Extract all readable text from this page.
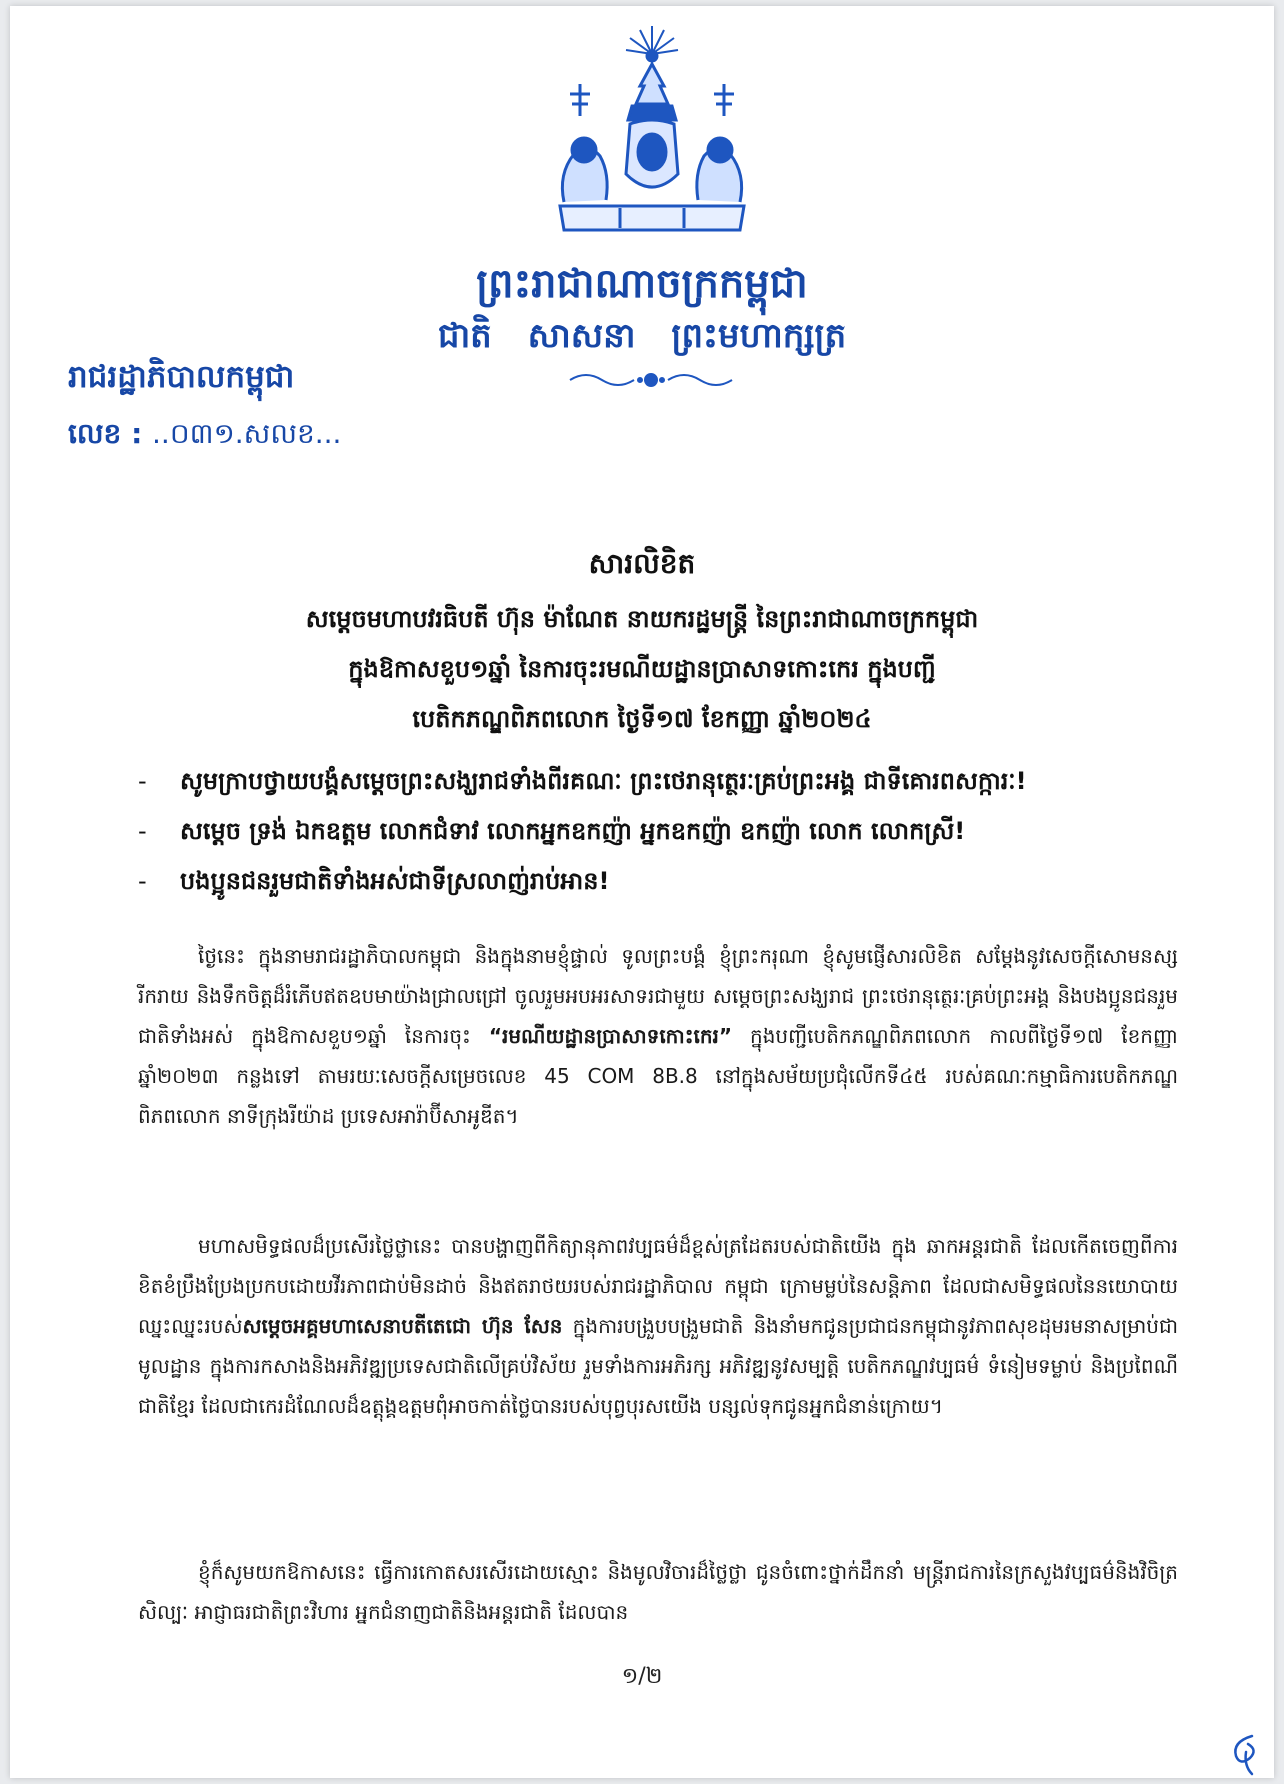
ព្រះរាជាណាចក្រកម្ពុជា
ជាតិ សាសនា ព្រះមហាក្សត្រ
រាជរដ្ឋាភិបាលកម្ពុជា
លេខ : ..០៣១.សលខ...
សារលិខិត
សម្តេចមហាបវរធិបតី ហ៊ុន ម៉ាណែត នាយករដ្ឋមន្ត្រី នៃព្រះរាជាណាចក្រកម្ពុជា
ក្នុងឱកាសខួប១ឆ្នាំ នៃការចុះរមណីយដ្ឋានប្រាសាទកោះកេរ ក្នុងបញ្ជី
បេតិកភណ្ឌពិភពលោក ថ្ងៃទី១៧ ខែកញ្ញា ឆ្នាំ២០២៤
- សូមក្រាបថ្វាយបង្គំសម្តេចព្រះសង្ឃរាជទាំងពីរគណៈ ព្រះថេរានុត្ថេរៈគ្រប់ព្រះអង្គ ជាទីគោរពសក្ការៈ!
- សម្តេច ទ្រង់ ឯកឧត្តម លោកជំទាវ លោកអ្នកឧកញ៉ា អ្នកឧកញ៉ា ឧកញ៉ា លោក លោកស្រី!
- បងប្អូនជនរួមជាតិទាំងអស់ជាទីស្រលាញ់រាប់អាន!

ថ្ងៃនេះ ក្នុងនាមរាជរដ្ឋាភិបាលកម្ពុជា និងក្នុងនាមខ្ញុំផ្ទាល់ ទូលព្រះបង្គំ ខ្ញុំព្រះករុណា ខ្ញុំសូមផ្ញើសារលិខិត សម្តែងនូវសេចក្តីសោមនស្សរីករាយ និងទឹកចិត្តដ៏រំភើបឥតឧបមាយ៉ាងជ្រាលជ្រៅ ចូលរួមអបអរសាទរជាមួយ សម្តេចព្រះសង្ឃរាជ ព្រះថេរានុត្ថេរៈគ្រប់ព្រះអង្គ និងបងប្អូនជនរួមជាតិទាំងអស់ ក្នុងឱកាសខួប១ឆ្នាំ នៃការចុះ “រមណីយដ្ឋានប្រាសាទកោះកេរ” ក្នុងបញ្ជីបេតិកភណ្ឌពិភពលោក កាលពីថ្ងៃទី១៧ ខែកញ្ញា ឆ្នាំ២០២៣ កន្លងទៅ តាមរយៈសេចក្តីសម្រេចលេខ 45 COM 8B.8 នៅក្នុងសម័យប្រជុំលើកទី៤៥ របស់គណៈកម្មាធិការបេតិកភណ្ឌ ពិភពលោក នាទីក្រុងរីយ៉ាដ ប្រទេសអារ៉ាប៊ីសាអូឌីត។

មហាសមិទ្ធផលដ៏ប្រសើរថ្លៃថ្លានេះ បានបង្ហាញពីកិត្យានុភាពវប្បធម៌ដ៏ខ្ពស់ត្រដែតរបស់ជាតិយើង ក្នុង ឆាកអន្តរជាតិ ដែលកើតចេញពីការខិតខំប្រឹងប្រែងប្រកបដោយវីរភាពជាប់មិនដាច់ និងឥតរាថយរបស់រាជរដ្ឋាភិបាល កម្ពុជា ក្រោមម្លប់នៃសន្តិភាព ដែលជាសមិទ្ធផលនៃនយោបាយឈ្នះឈ្នះរបស់សម្តេចអគ្គមហាសេនាបតីតេជោ ហ៊ុន សែន ក្នុងការបង្រួបបង្រួមជាតិ និងនាំមកជូនប្រជាជនកម្ពុជានូវភាពសុខដុមរមនាសម្រាប់ជាមូលដ្ឋាន ក្នុងការកសាងនិងអភិវឌ្ឍប្រទេសជាតិលើគ្រប់វិស័យ រួមទាំងការអភិរក្ស អភិវឌ្ឍនូវសម្បត្តិ បេតិកភណ្ឌវប្បធម៌ ទំនៀមទម្លាប់ និងប្រពៃណីជាតិខ្មែរ ដែលជាកេរដំណែលដ៏ឧត្តុង្គឧត្តមពុំអាចកាត់ថ្លៃបានរបស់បុព្វបុរសយើង បន្សល់ទុកជូនអ្នកជំនាន់ក្រោយ។

ខ្ញុំក៏សូមយកឱកាសនេះ ធ្វើការកោតសរសើរដោយស្មោះ និងមូលវិចារដ៏ថ្លៃថ្លា ជូនចំពោះថ្នាក់ដឹកនាំ មន្ត្រីរាជការនៃក្រសួងវប្បធម៌និងវិចិត្រសិល្បៈ អាជ្ញាធរជាតិព្រះវិហារ អ្នកជំនាញជាតិនិងអន្តរជាតិ ដែលបាន

១/២
